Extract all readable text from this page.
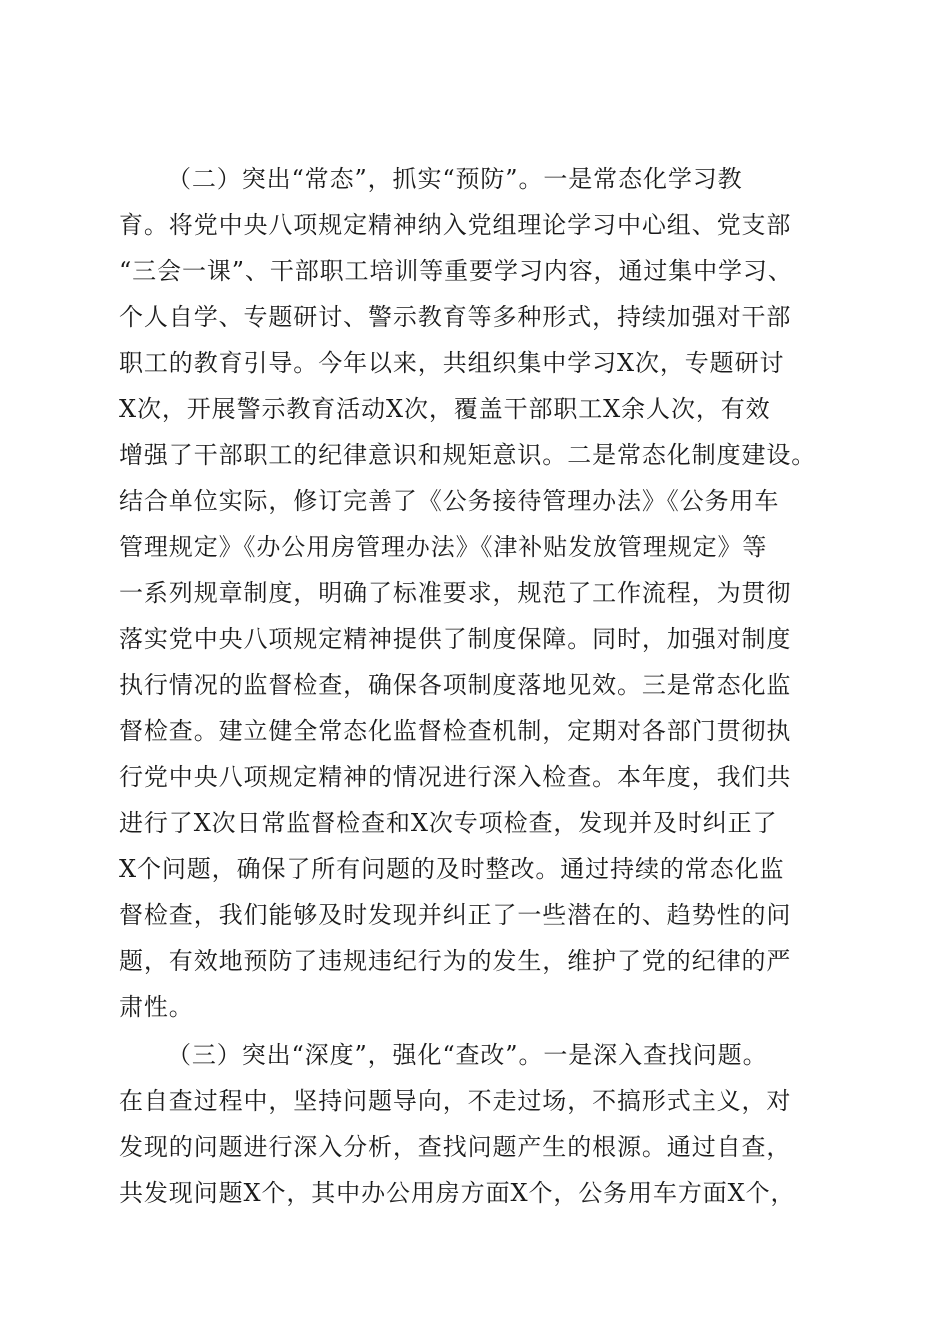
（二）突出“常态”，抓实“预防”。一是常态化学习教
育。将党中央八项规定精神纳入党组理论学习中心组、党支部
“三会一课”、干部职工培训等重要学习内容，通过集中学习、
个人自学、专题研讨、警示教育等多种形式，持续加强对干部
职工的教育引导。今年以来，共组织集中学习X次，专题研讨
X次，开展警示教育活动X次，覆盖干部职工X余人次，有效
增强了干部职工的纪律意识和规矩意识。二是常态化制度建设。
结合单位实际，修订完善了《公务接待管理办法》《公务用车
管理规定》《办公用房管理办法》《津补贴发放管理规定》等
一系列规章制度，明确了标准要求，规范了工作流程，为贯彻
落实党中央八项规定精神提供了制度保障。同时，加强对制度
执行情况的监督检查，确保各项制度落地见效。三是常态化监
督检查。建立健全常态化监督检查机制，定期对各部门贯彻执
行党中央八项规定精神的情况进行深入检查。本年度，我们共
进行了X次日常监督检查和X次专项检查，发现并及时纠正了
X个问题，确保了所有问题的及时整改。通过持续的常态化监
督检查，我们能够及时发现并纠正了一些潜在的、趋势性的问
题，有效地预防了违规违纪行为的发生，维护了党的纪律的严
肃性。
（三）突出“深度”，强化“查改”。一是深入查找问题。
在自查过程中，坚持问题导向，不走过场，不搞形式主义，对
发现的问题进行深入分析，查找问题产生的根源。通过自查，
共发现问题X个，其中办公用房方面X个，公务用车方面X个，
